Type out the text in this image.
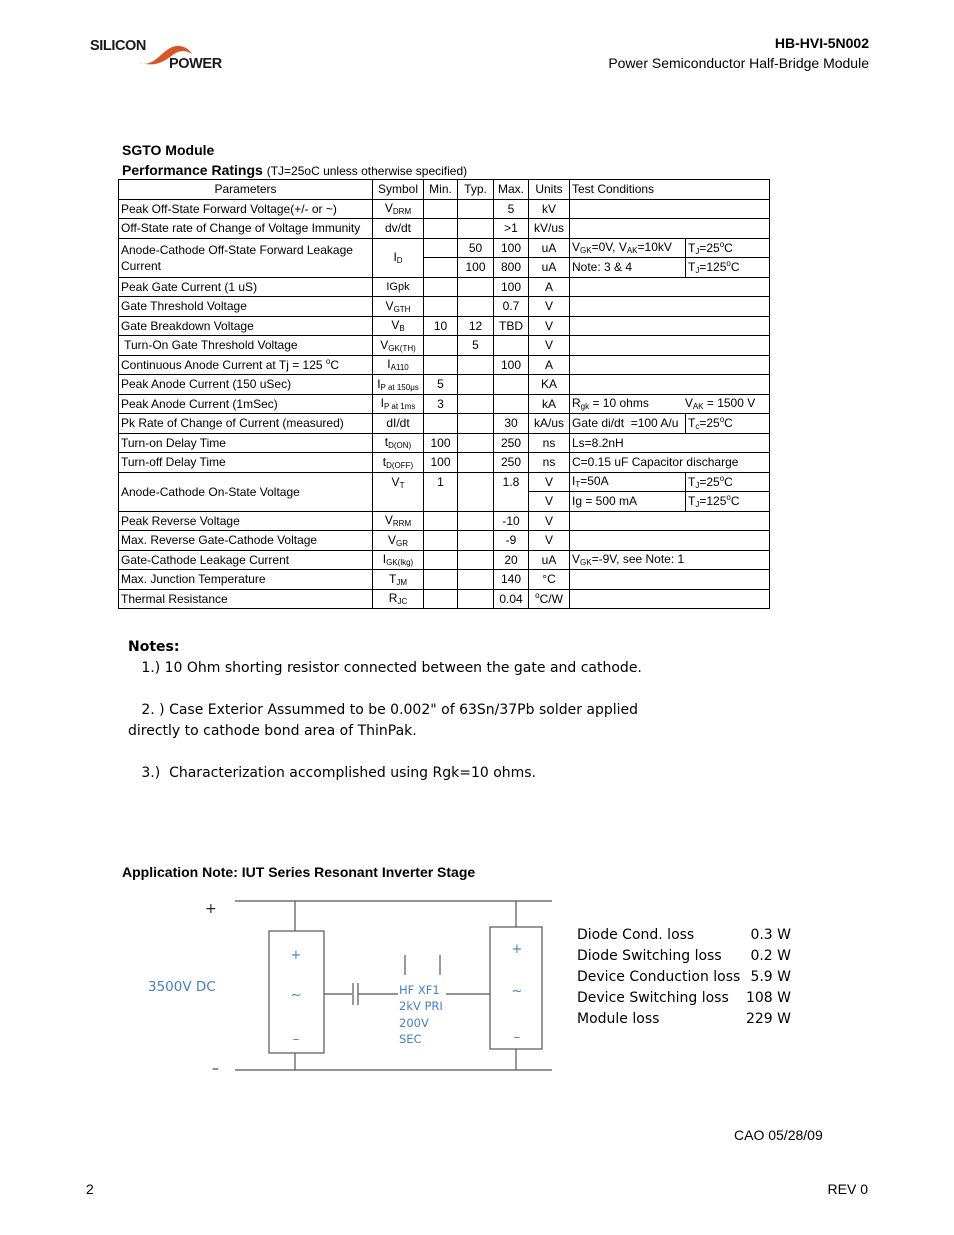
SILICON
POWER
HB-HVI-5N002
Power Semiconductor Half-Bridge Module
SGTO Module
Performance Ratings (TJ=25oC unless otherwise specified)
Parameters	Symbol	Min.	Typ.	Max.	Units	Test Conditions	
Peak Off-State Forward Voltage(+/- or ~)	$V_{DRM}$			5	kV		
Off-State rate of Change of Voltage Immunity	dv/dt			>1	kV/us		
Anode-Cathode Off-State Forward Leakage Current	$I_D$		50	100	uA	$V_{GK}=0V$, $V_{AK}=10kV$	$T_J=25^oC$
			100	800	uA	Note: 3 & 4	$T_J=125^oC$
Peak Gate Current (1 uS)	IGpk			100	A		
Gate Threshold Voltage	$V_{GTH}$			0.7	V		
Gate Breakdown Voltage	$V_B$	10	12	TBD	V		
Turn-On Gate Threshold Voltage	$V_{GK(TH)}$		5		V		
Continuous Anode Current at Tj = 125 $^o$C	$I_{A110}$			100	A		
Peak Anode Current (150 uSec)	$I_{P at 150\mu s}$	5			KA		
Peak Anode Current (1mSec)	$I_{P at 1ms}$	3			kA	$R_{gk} = 10$ ohms $V_{AK} = 1500$ V	
Pk Rate of Change of Current (measured)	dI/dt			30	kA/us	Gate di/dt  =100 A/u	$T_c=25^oC$
Turn-on Delay Time	$t_{D(ON)}$	100		250	ns	Ls=8.2nH	
Turn-off Delay Time	$t_{D(OFF)}$	100		250	ns	C=0.15 uF Capacitor discharge	
Anode-Cathode On-State Voltage	$V_T$	1		1.8	V	$I_T=50A$	$T_J=25^oC$
					V	Ig = 500 mA	$T_J=125^oC$
Peak Reverse Voltage	$V_{RRM}$			-10	V		
Max. Reverse Gate-Cathode Voltage	$V_{GR}$			-9	V		
Gate-Cathode Leakage Current	$I_{GK(lkg)}$			20	uA	$V_{GK}=-9V$, see Note: 1	
Max. Junction Temperature	$T_{JM}$			140	°C		
Thermal Resistance	$R_{JC}$			0.04	$^o$C/W		
Notes:
1.) 10 Ohm shorting resistor connected between the gate and cathode.
2. ) Case Exterior Assummed to be 0.002" of 63Sn/37Pb solder applied directly to cathode bond area of ThinPak.
3.)  Characterization accomplished using Rgk=10 ohms.
Application Note: IUT Series Resonant Inverter Stage
+
–
3500V DC
+
~
–
+
~
–
HF XF1
2kV PRI
200V
SEC
Diode Cond. loss	0.3 W
Diode Switching loss 0.2 W
Device Conduction loss 5.9 W
Device Switching loss 108 W
Module loss	229 W
CAO 05/28/09
2	REV 0
